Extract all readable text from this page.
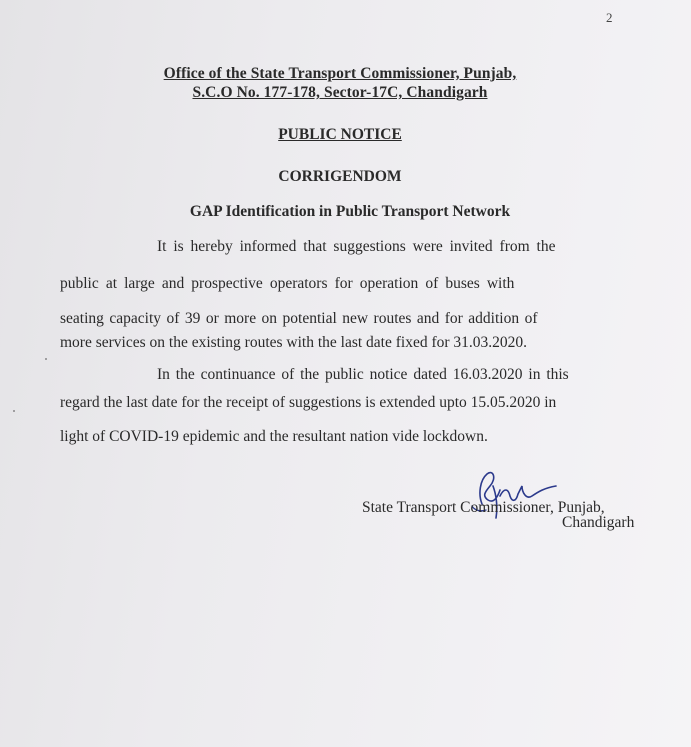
2
Office of the State Transport Commissioner, Punjab,
S.C.O No. 177-178, Sector-17C, Chandigarh
PUBLIC NOTICE
CORRIGENDOM
GAP Identification in Public Transport Network
It is hereby informed that suggestions were invited from the
public at large and prospective operators for operation of buses with
seating capacity of 39 or more on potential new routes and for addition of
more services on the existing routes with the last date fixed for 31.03.2020.
In the continuance of the public notice dated 16.03.2020 in this
regard the last date for the receipt of suggestions is extended upto 15.05.2020 in
light of COVID-19 epidemic and the resultant nation vide lockdown.
State Transport Commissioner, Punjab,
Chandigarh
